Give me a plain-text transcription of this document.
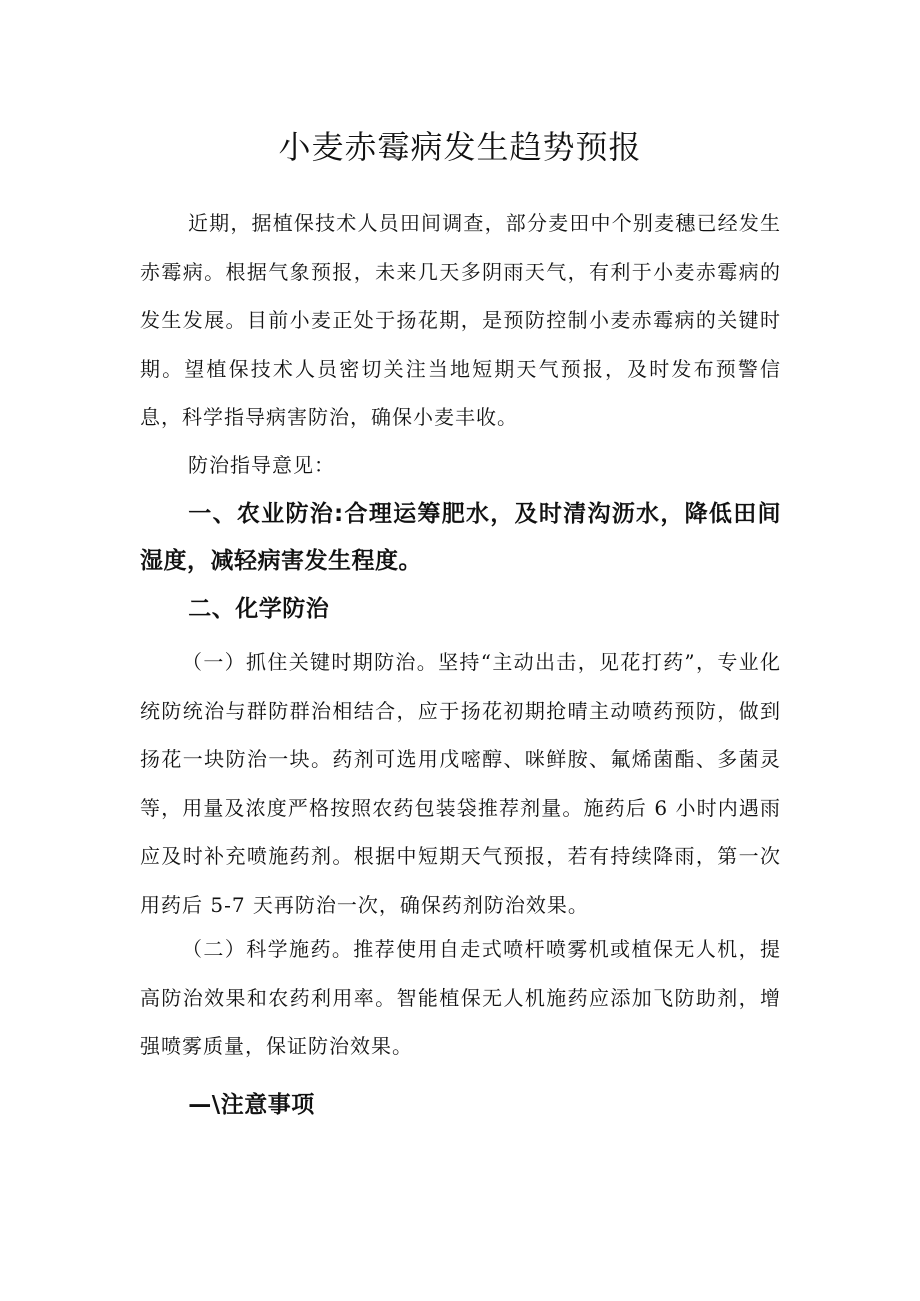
小麦赤霉病发生趋势预报

近期，据植保技术人员田间调查，部分麦田中个别麦穗已经发生赤霉病。根据气象预报，未来几天多阴雨天气，有利于小麦赤霉病的发生发展。目前小麦正处于扬花期，是预防控制小麦赤霉病的关键时期。望植保技术人员密切关注当地短期天气预报，及时发布预警信息，科学指导病害防治，确保小麦丰收。

防治指导意见：

一、农业防治:合理运筹肥水，及时清沟沥水，降低田间湿度，减轻病害发生程度。

二、化学防治

（一）抓住关键时期防治。坚持“主动出击，见花打药”，专业化统防统治与群防群治相结合，应于扬花初期抢晴主动喷药预防，做到扬花一块防治一块。药剂可选用戊嘧醇、咪鲜胺、氟烯菌酯、多菌灵等，用量及浓度严格按照农药包装袋推荐剂量。施药后 6 小时内遇雨应及时补充喷施药剂。根据中短期天气预报，若有持续降雨，第一次用药后 5-7 天再防治一次，确保药剂防治效果。

（二）科学施药。推荐使用自走式喷杆喷雾机或植保无人机，提高防治效果和农药利用率。智能植保无人机施药应添加飞防助剂，增强喷雾质量，保证防治效果。

—\注意事项
